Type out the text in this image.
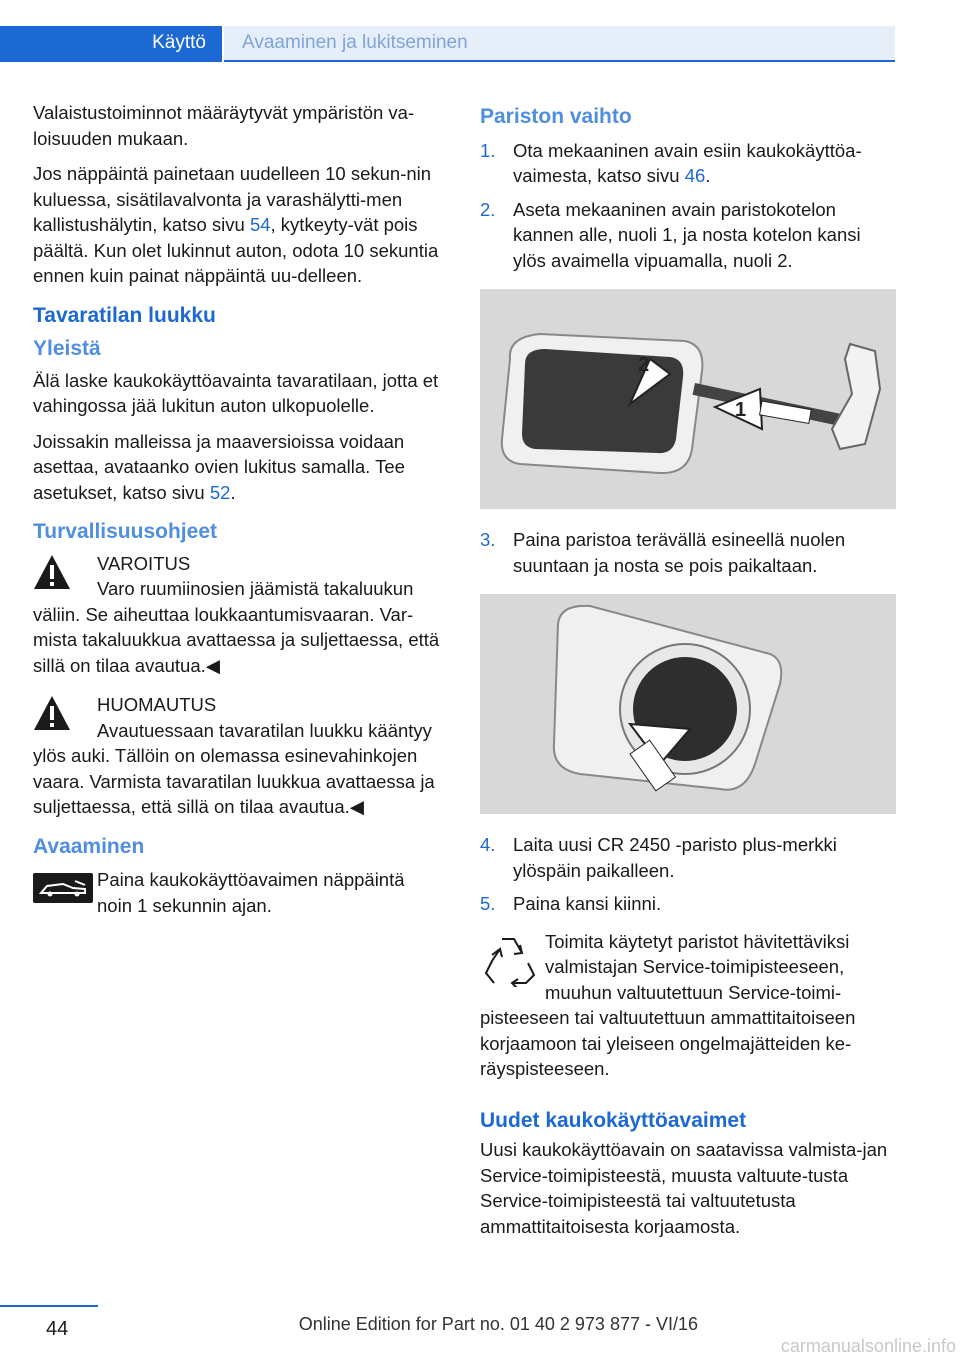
Käyttö Avaaminen ja lukitseminen

Valaistustoiminnot määräytyvät ympäristön va-loisuuden mukaan.

Jos näppäintä painetaan uudelleen 10 sekun-nin kuluessa, sisätilavalvonta ja varashälytti-men kallistushälytin, katso sivu 54, kytkeyty-vät pois päältä. Kun olet lukinnut auton, odota 10 sekuntia ennen kuin painat näppäintä uu-delleen.

Tavaratilan luukku
Yleistä

Älä laske kaukokäyttöavainta tavaratilaan, jotta et vahingossa jää lukitun auton ulkopuolelle.

Joissakin malleissa ja maaversioissa voidaan asettaa, avataanko ovien lukitus samalla. Tee asetukset, katso sivu 52.

Turvallisuusohjeet
VAROITUS
Varo ruumiinosien jäämistä takaluukun
väliin. Se aiheuttaa loukkaantumisvaaran. Var-mista takaluukkua avattaessa ja suljettaessa, että sillä on tilaa avautua.◀
HUOMAUTUS
Avautuessaan tavaratilan luukku kääntyy
ylös auki. Tällöin on olemassa esinevahinkojen vaara. Varmista tavaratilan luukkua avattaessa ja suljettaessa, että sillä on tilaa avautua.◀
Avaaminen
Paina kaukokäyttöavaimen näppäintä noin 1 sekunnin ajan.
Pariston vaihto
1. Ota mekaaninen avain esiin kaukokäyttöa-vaimesta, katso sivu 46.
2. Aseta mekaaninen avain paristokotelon kannen alle, nuoli 1, ja nosta kotelon kansi ylös avaimella vipuamalla, nuoli 2.
2
1
3. Paina paristoa terävällä esineellä nuolen suuntaan ja nosta se pois paikaltaan.
4. Laita uusi CR 2450 -paristo plus-merkki ylöspäin paikalleen.
5. Paina kansi kiinni.
Toimita käytetyt paristot hävitettäviksi valmistajan Service-toimipisteeseen, muuhun valtuutettuun Service-toimi-
pisteeseen tai valtuutettuun ammattitaitoiseen korjaamoon tai yleiseen ongelmajätteiden ke-räyspisteeseen.
Uudet kaukokäyttöavaimet

Uusi kaukokäyttöavain on saatavissa valmista-jan Service-toimipisteestä, muusta valtuute-tusta Service-toimipisteestä tai valtuutetusta ammattitaitoisesta korjaamosta.

44	Online Edition for Part no. 01 40 2 973 877 - VI/16
carmanualsonline.info
